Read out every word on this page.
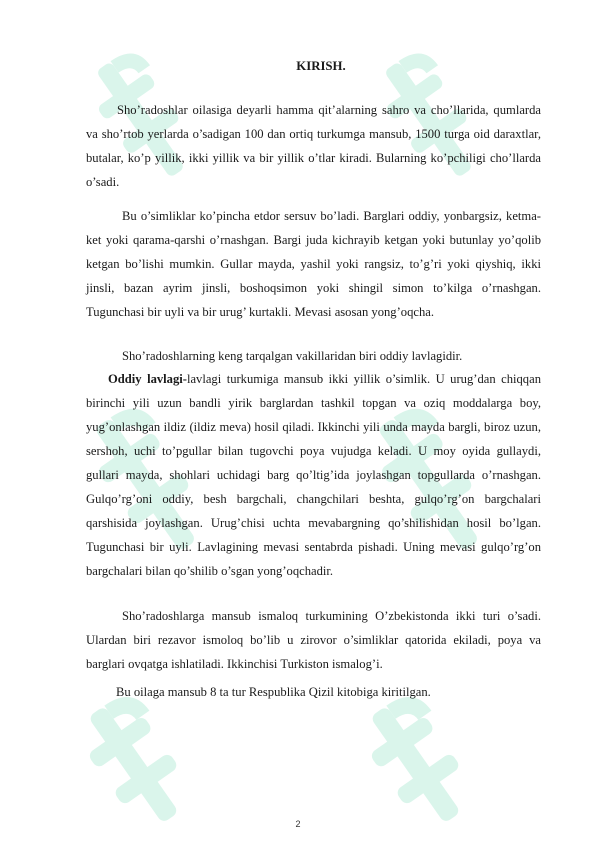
KIRISH.

Sho’radoshlar oilasiga deyarli hamma qit’alarning sahro va cho’llarida, qumlarda va sho’rtob yerlarda o’sadigan 100 dan ortiq turkumga mansub, 1500 turga oid daraxtlar, butalar, ko’p yillik, ikki yillik va bir yillik o’tlar kiradi. Bularning ko’pchiligi cho’llarda o’sadi.

Bu o’simliklar ko’pincha etdor sersuv bo’ladi. Barglari oddiy, yonbargsiz, ketma-ket yoki qarama-qarshi o’rnashgan. Bargi juda kichrayib ketgan yoki butunlay yo’qolib ketgan bo’lishi mumkin. Gullar mayda, yashil yoki rangsiz, to’g’ri yoki qiyshiq, ikki jinsli, bazan ayrim jinsli, boshoqsimon yoki shingil simon to’kilga o’rnashgan. Tugunchasi bir uyli va bir urug’ kurtakli. Mevasi asosan yong’oqcha.

Sho’radoshlarning keng tarqalgan vakillaridan biri oddiy lavlagidir.

Oddiy lavlagi-lavlagi turkumiga mansub ikki yillik o’simlik. U urug’dan chiqqan birinchi yili uzun bandli yirik barglardan tashkil topgan va oziq moddalarga boy, yug’onlashgan ildiz (ildiz meva) hosil qiladi. Ikkinchi yili unda mayda bargli, biroz uzun, sershoh, uchi to’pgullar bilan tugovchi poya vujudga keladi. U moy oyida gullaydi, gullari mayda, shohlari uchidagi barg qo’ltig’ida joylashgan topgullarda o’rnashgan. Gulqo’rg’oni oddiy, besh bargchali, changchilari beshta, gulqo’rg’on bargchalari qarshisida joylashgan. Urug’chisi uchta mevabargning qo’shilishidan hosil bo’lgan. Tugunchasi bir uyli. Lavlagining mevasi sentabrda pishadi. Uning mevasi gulqo’rg’on bargchalari bilan qo’shilib o’sgan yong’oqchadir.

Sho’radoshlarga mansub ismaloq turkumining O’zbekistonda ikki turi o’sadi. Ulardan biri rezavor ismoloq bo’lib u zirovor o’simliklar qatorida ekiladi, poya va barglari ovqatga ishlatiladi. Ikkinchisi Turkiston ismalog’i.

Bu oilaga mansub 8 ta tur Respublika Qizil kitobiga kiritilgan.

2
